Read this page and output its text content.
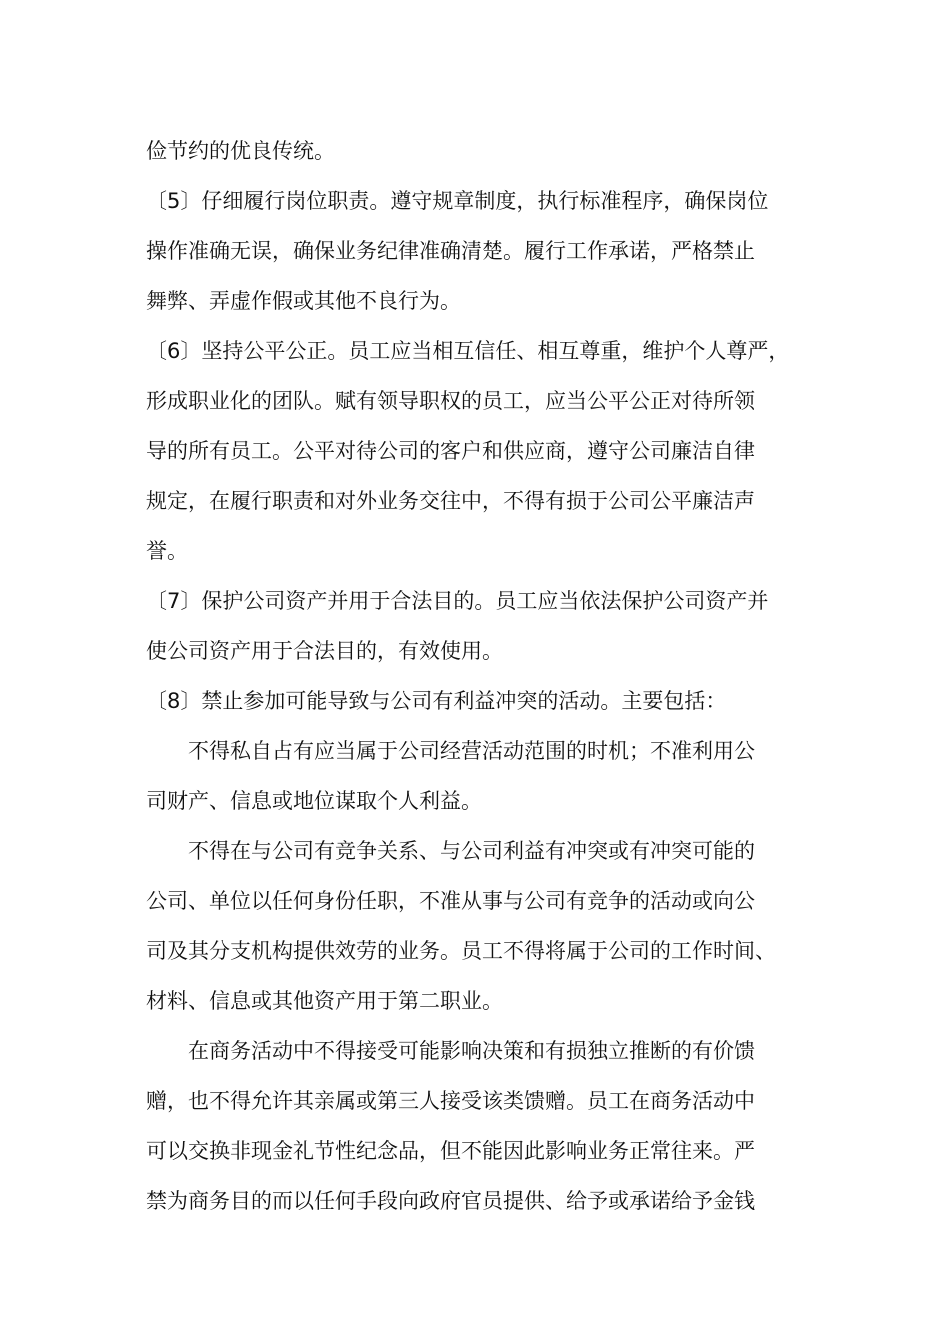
俭节约的优良传统。
〔5〕仔细履行岗位职责。遵守规章制度，执行标准程序，确保岗位
操作准确无误，确保业务纪律准确清楚。履行工作承诺，严格禁止
舞弊、弄虚作假或其他不良行为。
〔6〕坚持公平公正。员工应当相互信任、相互尊重，维护个人尊严，
形成职业化的团队。赋有领导职权的员工，应当公平公正对待所领
导的所有员工。公平对待公司的客户和供应商，遵守公司廉洁自律
规定，在履行职责和对外业务交往中，不得有损于公司公平廉洁声
誉。
〔7〕保护公司资产并用于合法目的。员工应当依法保护公司资产并
使公司资产用于合法目的，有效使用。
〔8〕禁止参加可能导致与公司有利益冲突的活动。主要包括：
不得私自占有应当属于公司经营活动范围的时机；不准利用公
司财产、信息或地位谋取个人利益。
不得在与公司有竞争关系、与公司利益有冲突或有冲突可能的
公司、单位以任何身份任职，不准从事与公司有竞争的活动或向公
司及其分支机构提供效劳的业务。员工不得将属于公司的工作时间、
材料、信息或其他资产用于第二职业。
在商务活动中不得接受可能影响决策和有损独立推断的有价馈
赠，也不得允许其亲属或第三人接受该类馈赠。员工在商务活动中
可以交换非现金礼节性纪念品，但不能因此影响业务正常往来。严
禁为商务目的而以任何手段向政府官员提供、给予或承诺给予金钱
